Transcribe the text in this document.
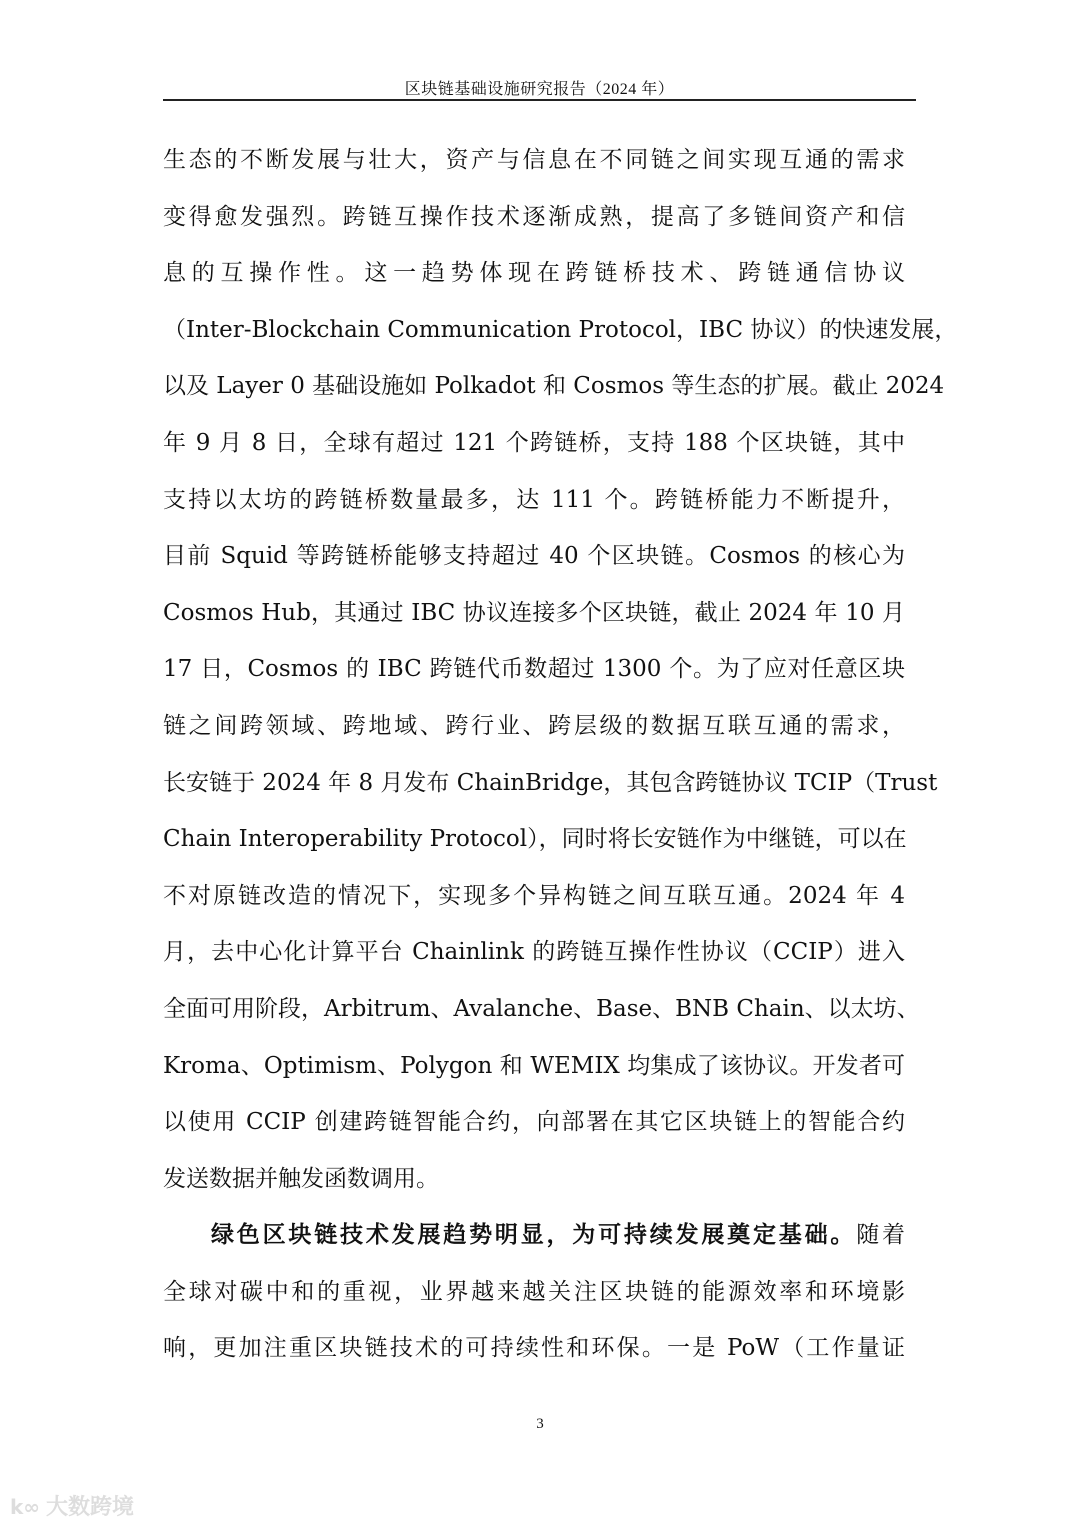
区块链基础设施研究报告（2024 年）
生态的不断发展与壮大，资产与信息在不同链之间实现互通的需求
变得愈发强烈。跨链互操作技术逐渐成熟，提高了多链间资产和信
息的互操作性。这一趋势体现在跨链桥技术、跨链通信协议
（Inter-Blockchain Communication Protocol，IBC 协议）的快速发展，
以及 Layer 0 基础设施如 Polkadot 和 Cosmos 等生态的扩展。截止 2024
年 9 月 8 日，全球有超过 121 个跨链桥，支持 188 个区块链，其中
支持以太坊的跨链桥数量最多，达 111 个。跨链桥能力不断提升，
目前 Squid 等跨链桥能够支持超过 40 个区块链。Cosmos 的核心为
Cosmos Hub，其通过 IBC 协议连接多个区块链，截止 2024 年 10 月
17 日，Cosmos 的 IBC 跨链代币数超过 1300 个。为了应对任意区块
链之间跨领域、跨地域、跨行业、跨层级的数据互联互通的需求，
长安链于 2024 年 8 月发布 ChainBridge，其包含跨链协议 TCIP（Trust
Chain Interoperability Protocol），同时将长安链作为中继链，可以在
不对原链改造的情况下，实现多个异构链之间互联互通。2024 年 4
月，去中心化计算平台 Chainlink 的跨链互操作性协议（CCIP）进入
全面可用阶段，Arbitrum、Avalanche、Base、BNB Chain、以太坊、
Kroma、Optimism、Polygon 和 WEMIX 均集成了该协议。开发者可
以使用 CCIP 创建跨链智能合约，向部署在其它区块链上的智能合约
发送数据并触发函数调用。
绿色区块链技术发展趋势明显，为可持续发展奠定基础。随着
全球对碳中和的重视，业界越来越关注区块链的能源效率和环境影
响，更加注重区块链技术的可持续性和环保。一是 PoW（工作量证
3
k∞ 大数跨境
